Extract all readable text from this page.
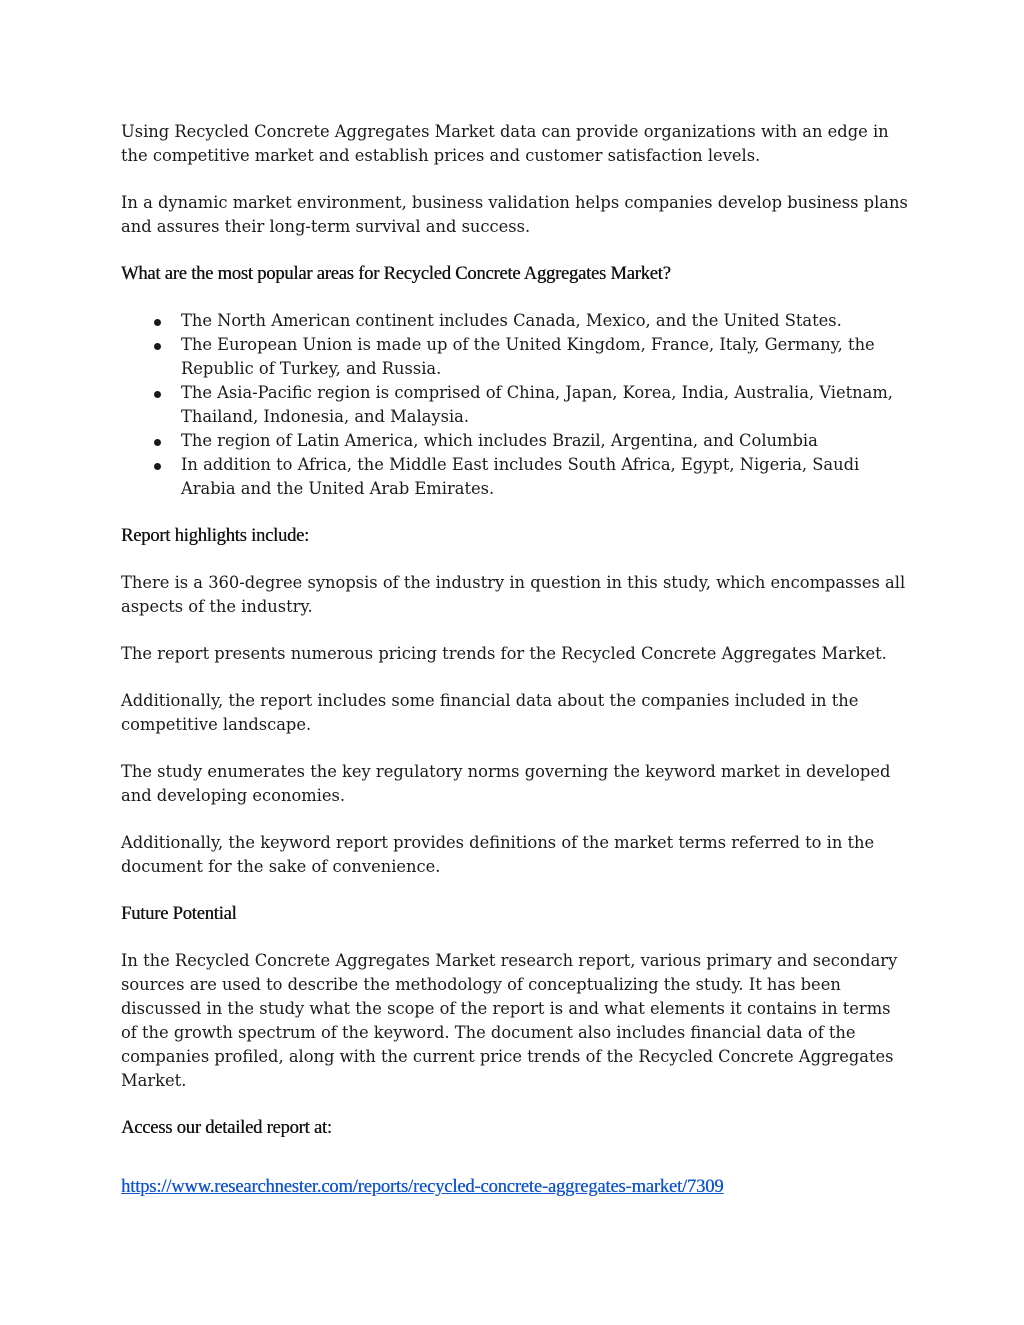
Using Recycled Concrete Aggregates Market data can provide organizations with an edge in the competitive market and establish prices and customer satisfaction levels.

In a dynamic market environment, business validation helps companies develop business plans and assures their long-term survival and success.

What are the most popular areas for Recycled Concrete Aggregates Market?
The North American continent includes Canada, Mexico, and the United States.
The European Union is made up of the United Kingdom, France, Italy, Germany, the Republic of Turkey, and Russia.
The Asia-Pacific region is comprised of China, Japan, Korea, India, Australia, Vietnam, Thailand, Indonesia, and Malaysia.
The region of Latin America, which includes Brazil, Argentina, and Columbia
In addition to Africa, the Middle East includes South Africa, Egypt, Nigeria, Saudi Arabia and the United Arab Emirates.
Report highlights include:

There is a 360-degree synopsis of the industry in question in this study, which encompasses all aspects of the industry.

The report presents numerous pricing trends for the Recycled Concrete Aggregates Market.

Additionally, the report includes some financial data about the companies included in the competitive landscape.

The study enumerates the key regulatory norms governing the keyword market in developed and developing economies.

Additionally, the keyword report provides definitions of the market terms referred to in the document for the sake of convenience.

Future Potential

In the Recycled Concrete Aggregates Market research report, various primary and secondary sources are used to describe the methodology of conceptualizing the study. It has been discussed in the study what the scope of the report is and what elements it contains in terms of the growth spectrum of the keyword. The document also includes financial data of the companies profiled, along with the current price trends of the Recycled Concrete Aggregates Market.

Access our detailed report at:
https://www.researchnester.com/reports/recycled-concrete-aggregates-market/7309
